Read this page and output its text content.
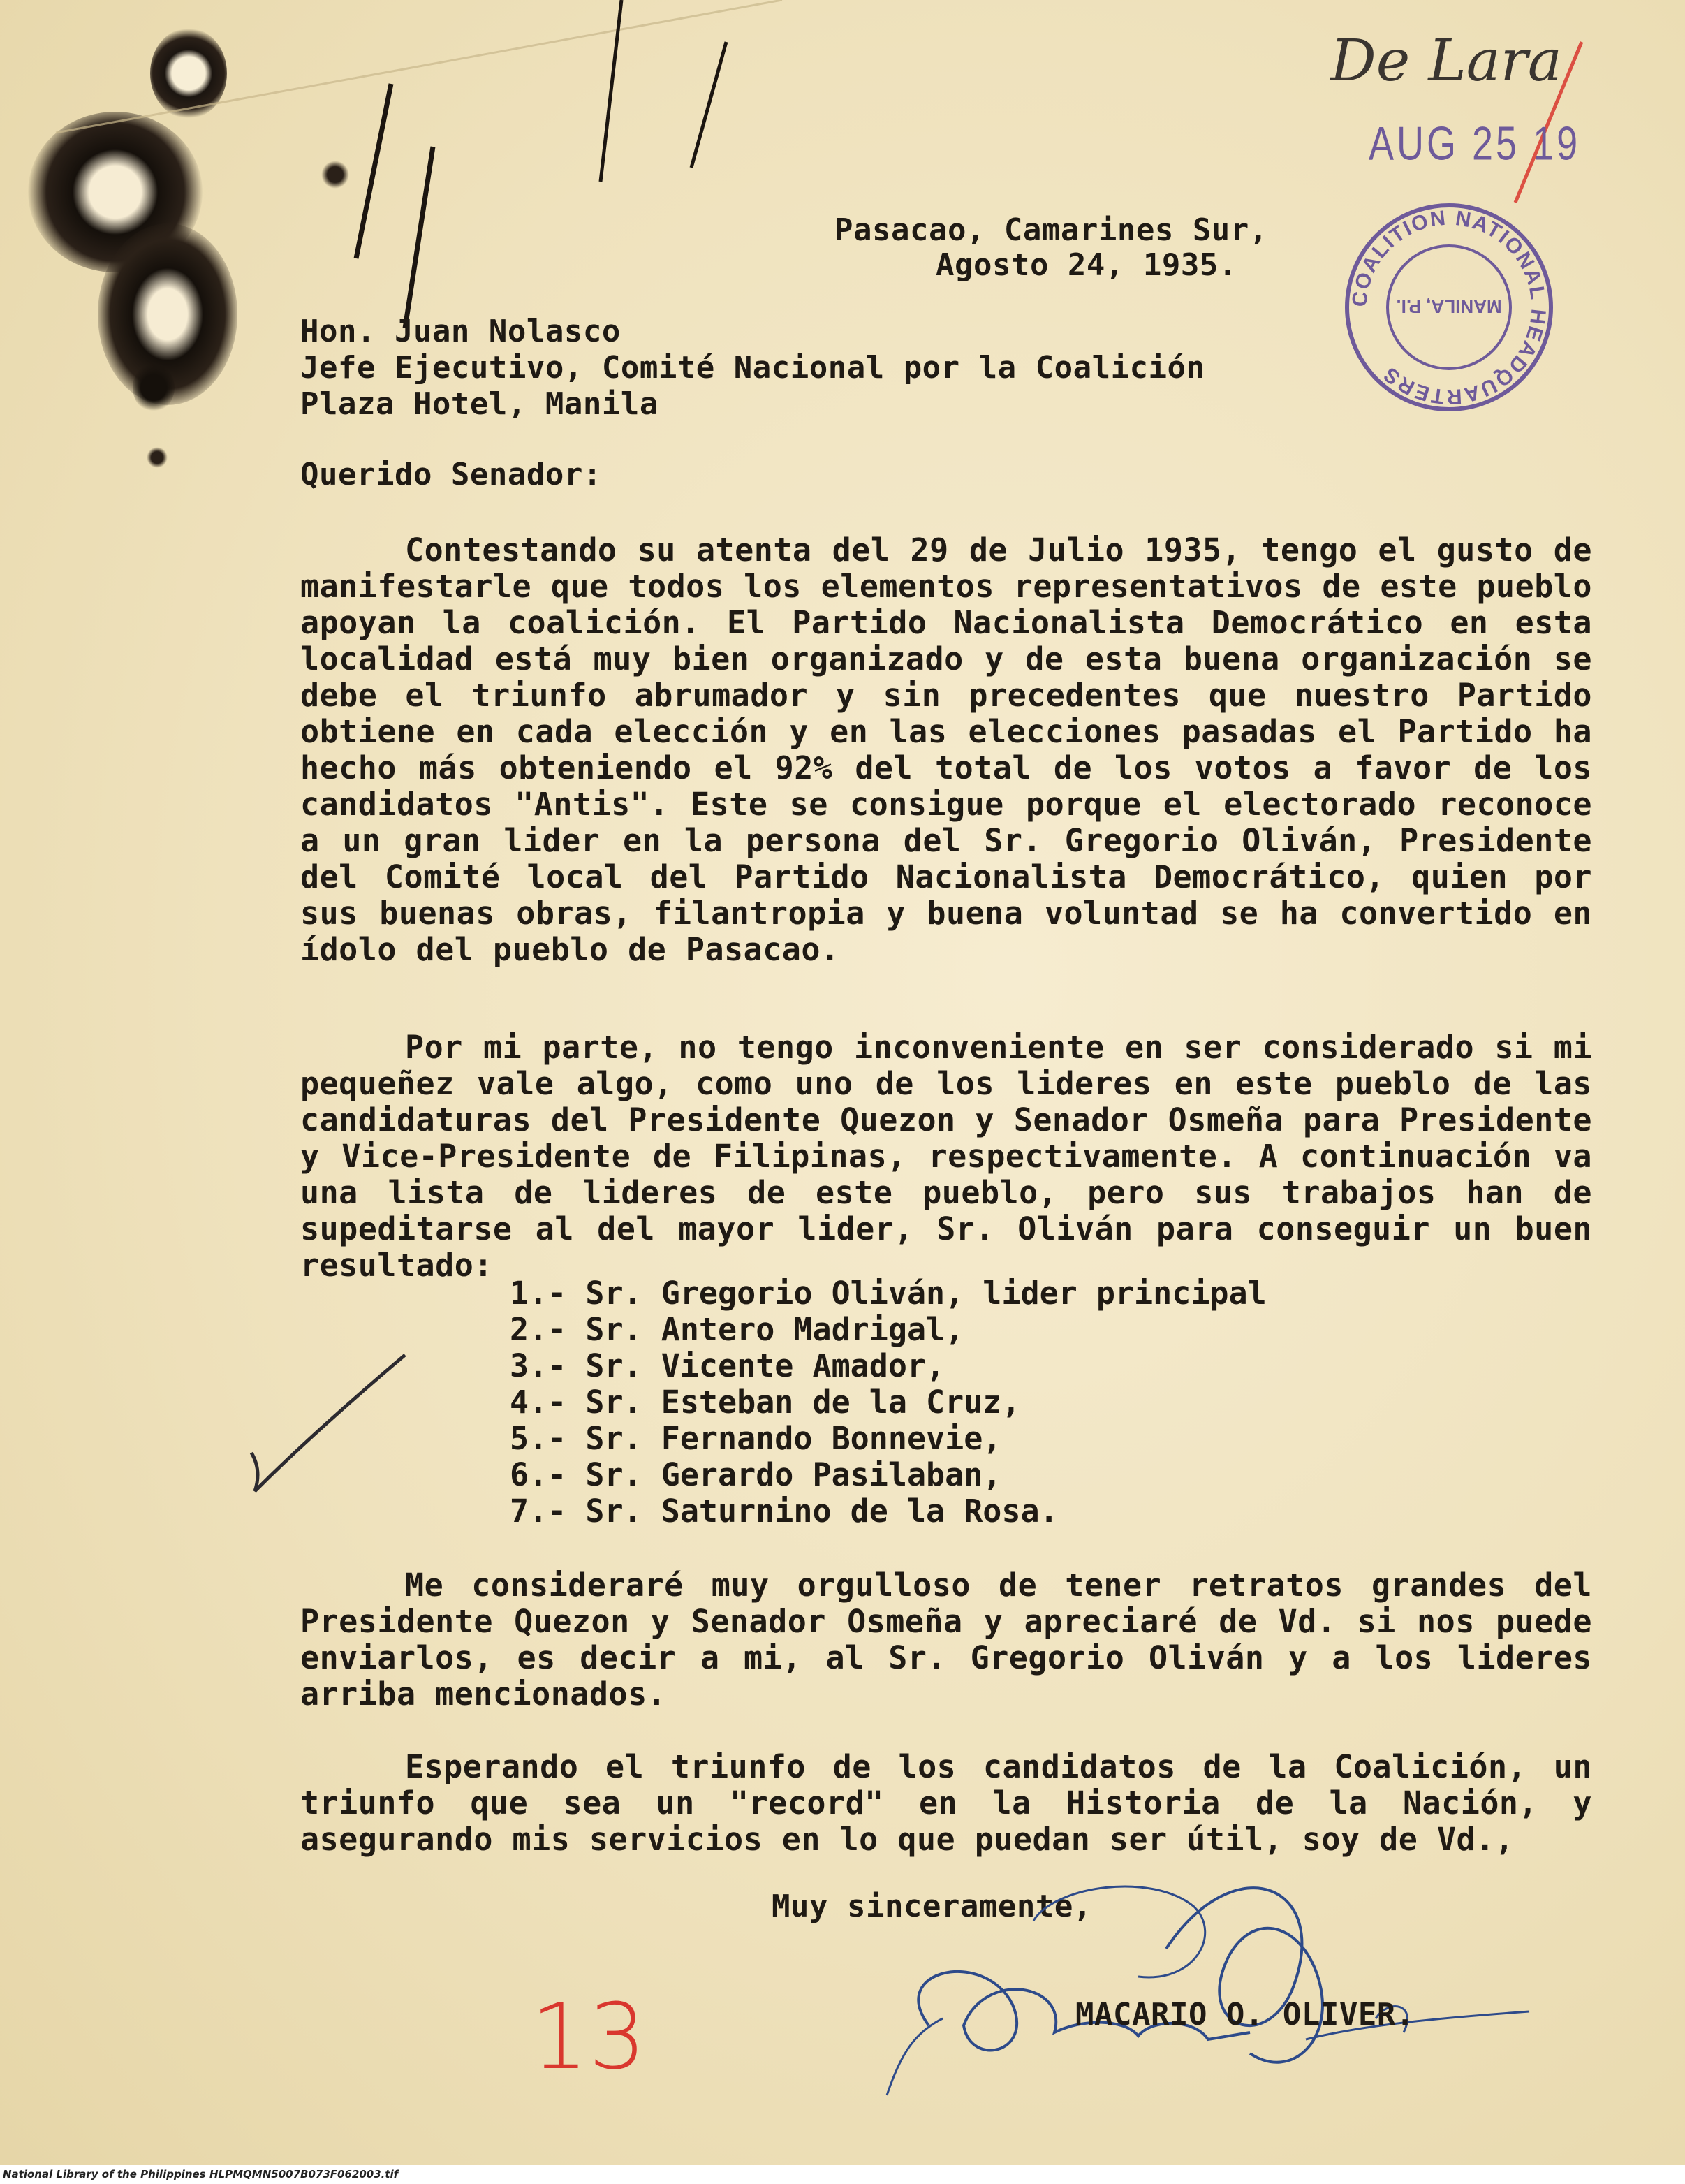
De Lara
AUG 25 19
COALITION NATIONAL HEADQUARTERS
MANILA, P.I.
Pasacao, Camarines Sur,
Agosto 24, 1935.
Hon. Juan Nolasco
Jefe Ejecutivo, Comité Nacional por la Coalición
Plaza Hotel, Manila
Querido Senador:

Contestando su atenta del 29 de Julio 1935, tengo el gusto de manifestarle que todos los elementos representativos de este pueblo apoyan la coalición. El Partido Nacionalista Democrático en esta localidad está muy bien organizado y de esta buena organización se debe el triunfo abrumador y sin precedentes que nuestro Partido obtiene en cada elección y en las elecciones pasadas el Partido ha hecho más obteniendo el 92% del total de los votos a favor de los candidatos "Antis". Este se consigue porque el electorado reconoce a un gran lider en la persona del Sr. Gregorio Oliván, Presidente del Comité local del Partido Nacionalista Democrático, quien por sus buenas obras, filantropia y buena voluntad se ha convertido en ídolo del pueblo de Pasacao.

Por mi parte, no tengo inconveniente en ser considerado si mi pequeñez vale algo, como uno de los lideres en este pueblo de las candidaturas del Presidente Quezon y Senador Osmeña para Presidente y Vice-Presidente de Filipinas, respectivamente. A continuación va una lista de lideres de este pueblo, pero sus trabajos han de supeditarse al del mayor lider, Sr. Oliván para conseguir un buen resultado:

1.- Sr. Gregorio Oliván, lider principal
2.- Sr. Antero Madrigal,
3.- Sr. Vicente Amador,
4.- Sr. Esteban de la Cruz,
5.- Sr. Fernando Bonnevie,
6.- Sr. Gerardo Pasilaban,
7.- Sr. Saturnino de la Rosa.

Me consideraré muy orgulloso de tener retratos grandes del Presidente Quezon y Senador Osmeña y apreciaré de Vd. si nos puede enviarlos, es decir a mi, al Sr. Gregorio Oliván y a los lideres arriba mencionados.

Esperando el triunfo de los candidatos de la Coalición, un triunfo que sea un "record" en la Historia de la Nación, y asegurando mis servicios en lo que puedan ser útil, soy de Vd.,

Muy sinceramente,
MACARIO O. OLIVER.
13
National Library of the Philippines HLPMQMN5007B073F062003.tif
